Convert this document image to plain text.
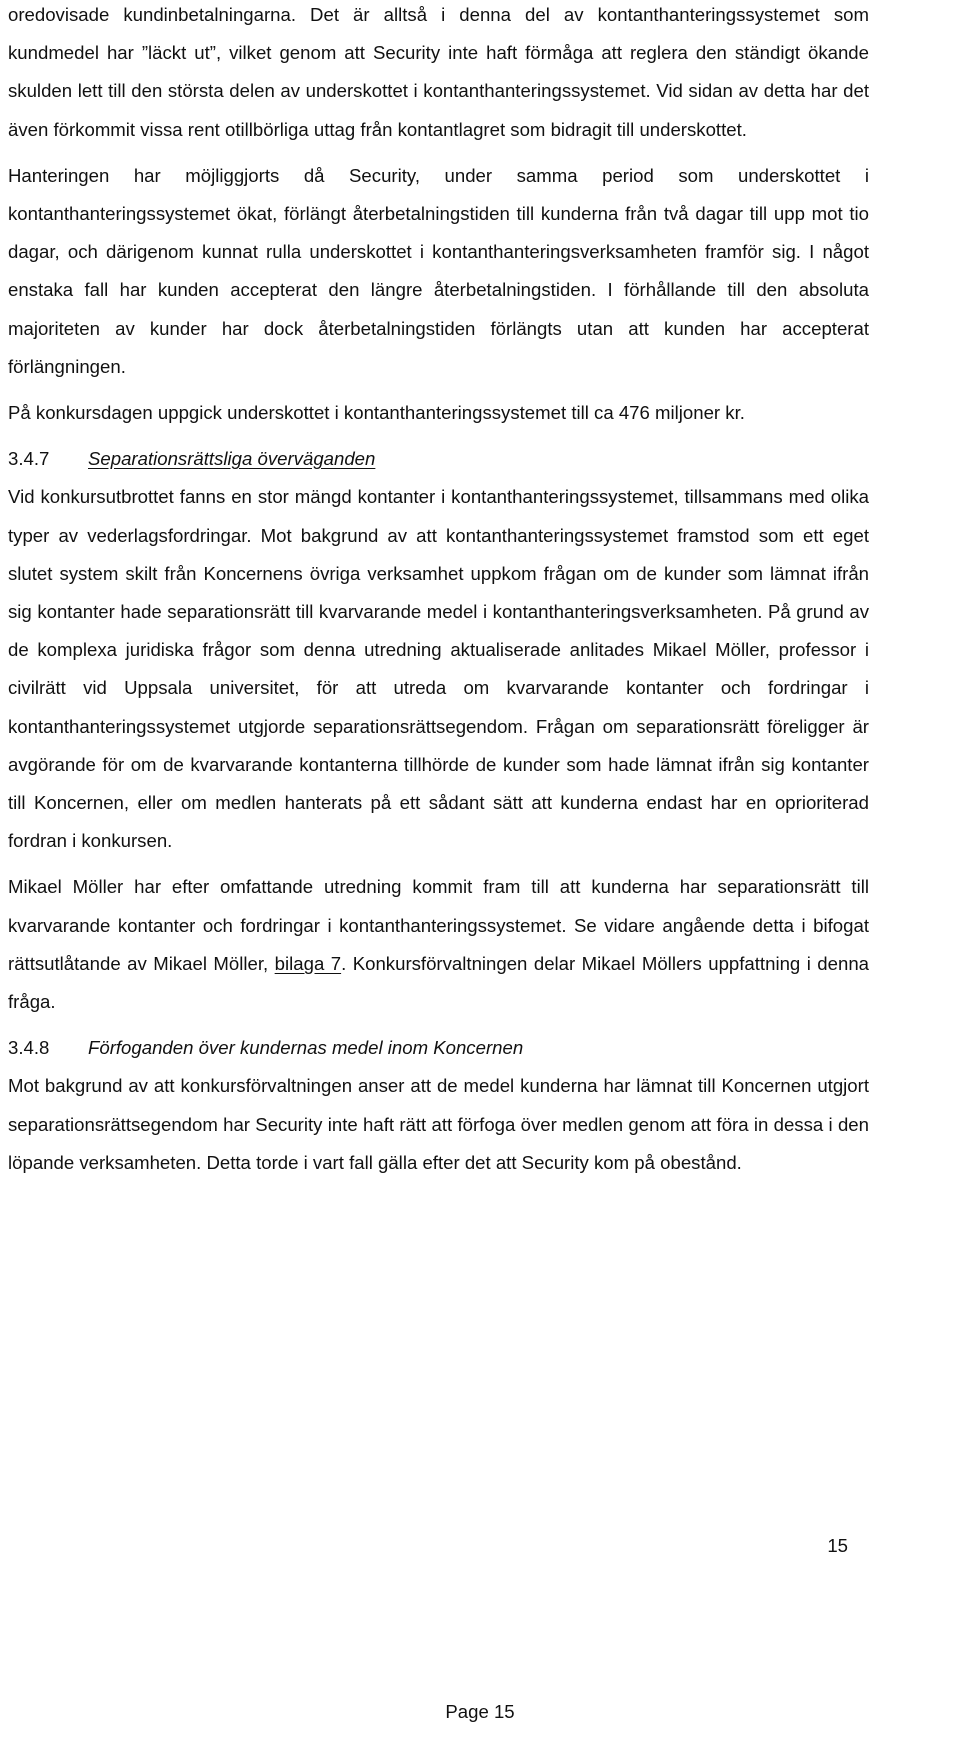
oredovisade kundinbetalningarna. Det är alltså i denna del av kontanthanteringssystemet som kundmedel har ”läckt ut”, vilket genom att Security inte haft förmåga att reglera den ständigt ökande skulden lett till den största delen av underskottet i kontanthanteringssystemet. Vid sidan av detta har det även förkommit vissa rent otillbörliga uttag från kontantlagret som bidragit till underskottet.

Hanteringen har möjliggjorts då Security, under samma period som underskottet i kontanthanteringssystemet ökat, förlängt återbetalningstiden till kunderna från två dagar till upp mot tio dagar, och därigenom kunnat rulla underskottet i kontanthanteringsverksamheten framför sig. I något enstaka fall har kunden accepterat den längre återbetalningstiden. I förhållande till den absoluta majoriteten av kunder har dock återbetalningstiden förlängts utan att kunden har accepterat förlängningen.

På konkursdagen uppgick underskottet i kontanthanteringssystemet till ca 476 miljoner kr.

3.4.7 Separationsrättsliga överväganden

Vid konkursutbrottet fanns en stor mängd kontanter i kontanthanteringssystemet, tillsammans med olika typer av vederlagsfordringar. Mot bakgrund av att kontanthanteringssystemet framstod som ett eget slutet system skilt från Koncernens övriga verksamhet uppkom frågan om de kunder som lämnat ifrån sig kontanter hade separationsrätt till kvarvarande medel i kontanthanteringsverksamheten. På grund av de komplexa juridiska frågor som denna utredning aktualiserade anlitades Mikael Möller, professor i civilrätt vid Uppsala universitet, för att utreda om kvarvarande kontanter och fordringar i kontanthanteringssystemet utgjorde separationsrättsegendom. Frågan om separationsrätt föreligger är avgörande för om de kvarvarande kontanterna tillhörde de kunder som hade lämnat ifrån sig kontanter till Koncernen, eller om medlen hanterats på ett sådant sätt att kunderna endast har en oprioriterad fordran i konkursen.

Mikael Möller har efter omfattande utredning kommit fram till att kunderna har separationsrätt till kvarvarande kontanter och fordringar i kontanthanteringssystemet. Se vidare angående detta i bifogat rättsutlåtande av Mikael Möller, bilaga 7. Konkursförvaltningen delar Mikael Möllers uppfattning i denna fråga.

3.4.8 Förfoganden över kundernas medel inom Koncernen

Mot bakgrund av att konkursförvaltningen anser att de medel kunderna har lämnat till Koncernen utgjort separationsrättsegendom har Security inte haft rätt att förfoga över medlen genom att föra in dessa i den löpande verksamheten. Detta torde i vart fall gälla efter det att Security kom på obestånd.

15
Page 15
